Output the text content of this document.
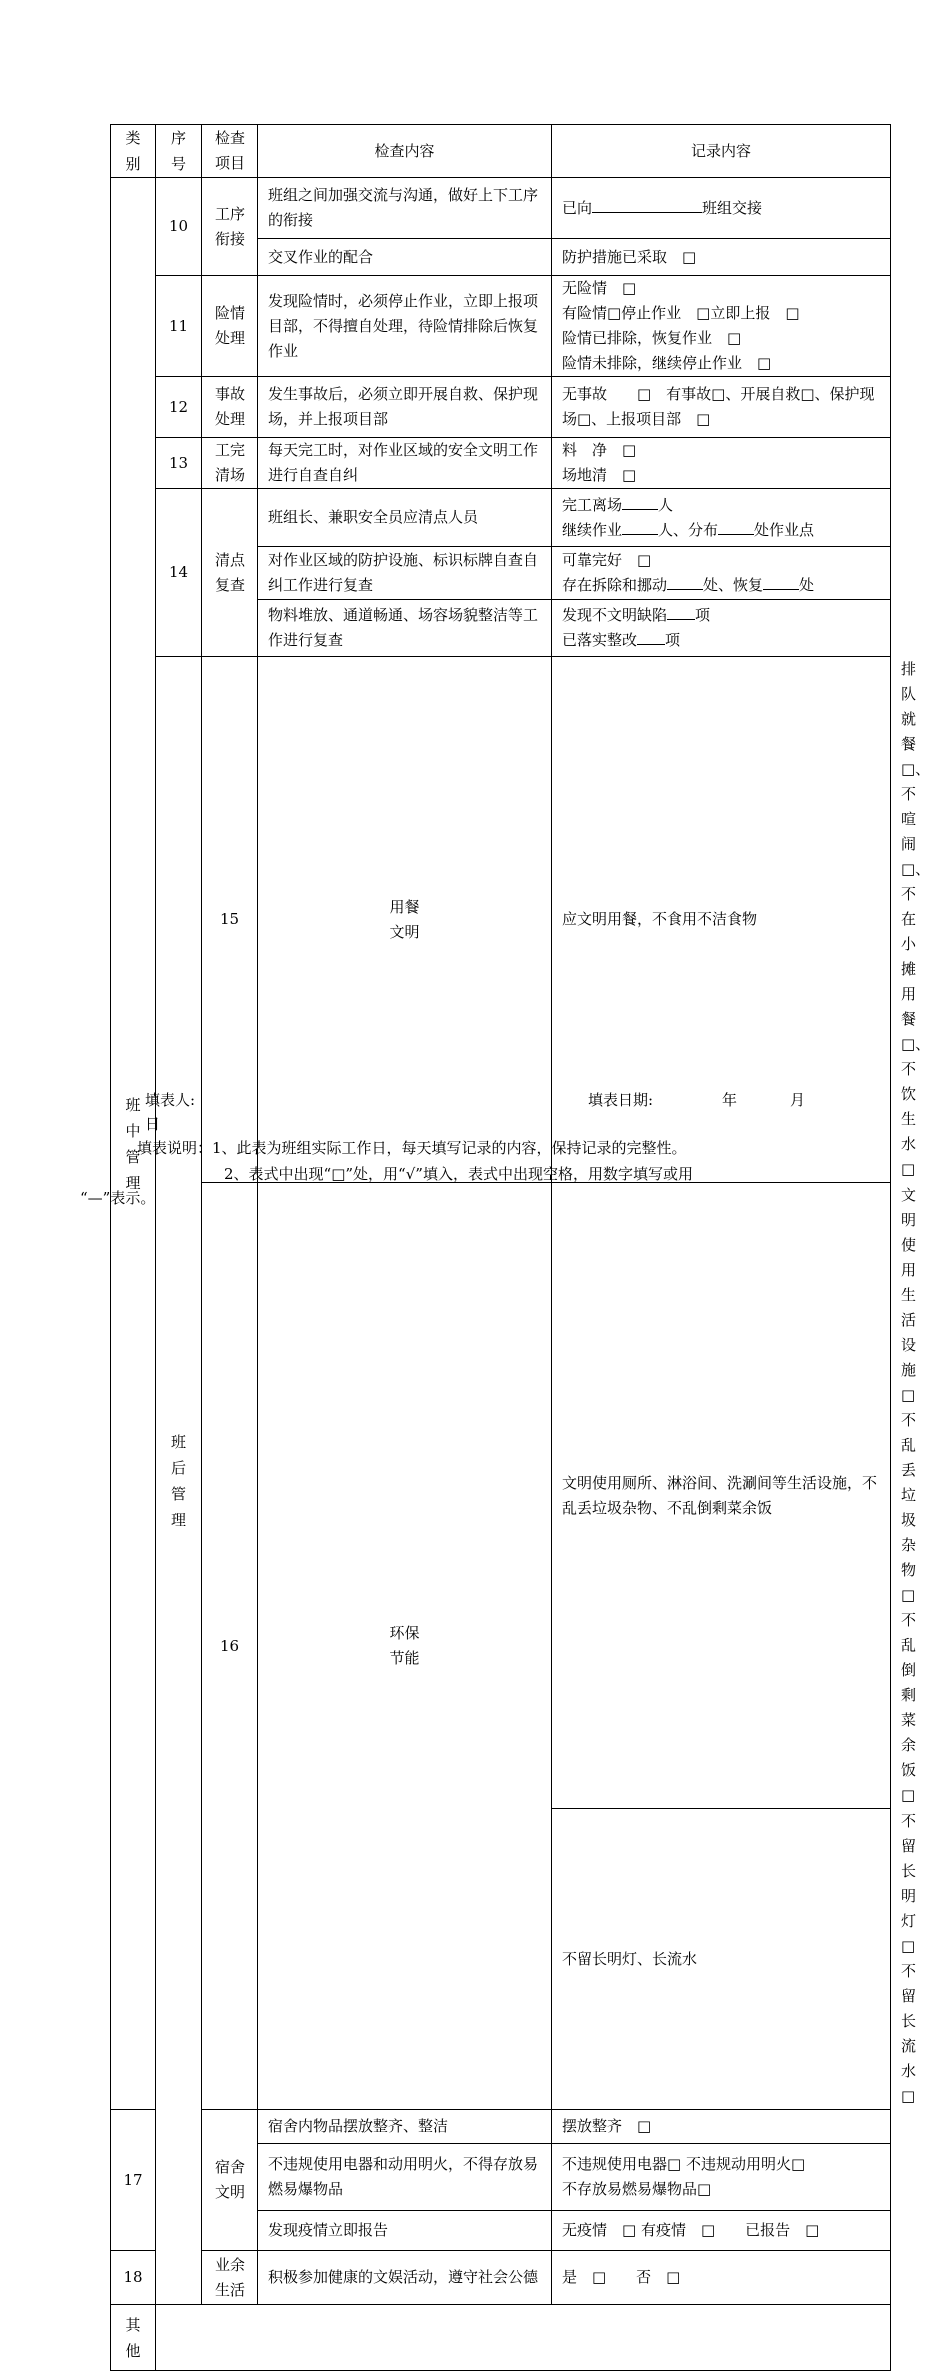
类别	序号	检查项目	检查内容	记录内容	
班中管理	10	工序衔接	班组之间加强交流与沟通，做好上下工序的衔接	已向 班组交接	
			交叉作业的配合	防护措施已采取　□	
	11	险情处理	发现险情时，必须停止作业，立即上报项目部，不得擅自处理，待险情排除后恢复作业	无险情　□
有险情□停止作业　□立即上报　□
险情已排除，恢复作业　□
险情未排除，继续停止作业　□	

	12	事故处理	发生事故后，必须立即开展自救、保护现场，并上报项目部	无事故　　□　有事故□、开展自救□、保护现场□、上报项目部　□	
	13	工完清场	每天完工时，对作业区域的安全文明工作进行自查自纠	料　净　□
场地清　□	

	14	清点复查	班组长、兼职安全员应清点人员	完工离场 人
继续作业 人、分布 处作业点	

			对作业区域的防护设施、标识标牌自查自纠工作进行复查	可靠完好　□
存在拆除和挪动 处、恢复 处	

			物料堆放、通道畅通、场容场貌整洁等工作进行复查	发现不文明缺陷 项
已落实整改 项	

	班后管理	15	用餐文明	应文明用餐，不食用不洁食物	排队就餐　□、不喧闹　□、不在小摊用餐□、不饮生水　□
		16	环保节能	文明使用厕所、淋浴间、洗涮间等生活设施，不乱丢垃圾杂物、不乱倒剩菜余饭	文明使用生活设施　□
不乱丢垃圾杂物　　□
不乱倒剩菜余饭　　□

				不留长明灯、长流水	不留长明灯　□　　不留长流水　□
17		宿舍文明	宿舍内物品摆放整齐、整洁	摆放整齐　□	
			不违规使用电器和动用明火，不得存放易燃易爆物品	不违规使用电器□ 不违规动用明火□
不存放易燃易爆物品□	

			发现疫情立即报告	无疫情　□ 有疫情　□　　已报告　□	
18		业余生活	积极参加健康的文娱活动，遵守社会公德	是　□　　否　□	
其他					
填表人:	填表日期:	年	月
日
填表说明：1、此表为班组实际工作日，每天填写记录的内容，保持记录的完整性。
2、表式中出现“□”处，用“√”填入，表式中出现空格，用数字填写或用
“—”表示。
